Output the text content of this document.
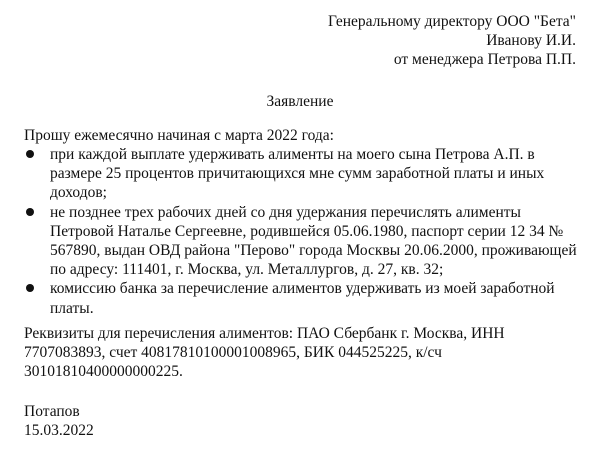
Генеральному директору ООО "Бета"
Иванову И.И.
от менеджера Петрова П.П.
Заявление
Прошу ежемесячно начиная с марта 2022 года:
при каждой выплате удерживать алименты на моего сына Петрова А.П. в размере 25 процентов причитающихся мне сумм заработной платы и иных доходов;
не позднее трех рабочих дней со дня удержания перечислять алименты Петровой Наталье Сергеевне, родившейся 05.06.1980, паспорт серии 12 34 № 567890, выдан ОВД района "Перово" города Москвы 20.06.2000, проживающей по адресу: 111401, г. Москва, ул. Металлургов, д. 27, кв. 32;
комиссию банка за перечисление алиментов удерживать из моей заработной платы.
Реквизиты для перечисления алиментов: ПАО Сбербанк г. Москва, ИНН 7707083893, счет 40817810100001008965, БИК 044525225, к/сч 30101810400000000225.
Потапов
15.03.2022
